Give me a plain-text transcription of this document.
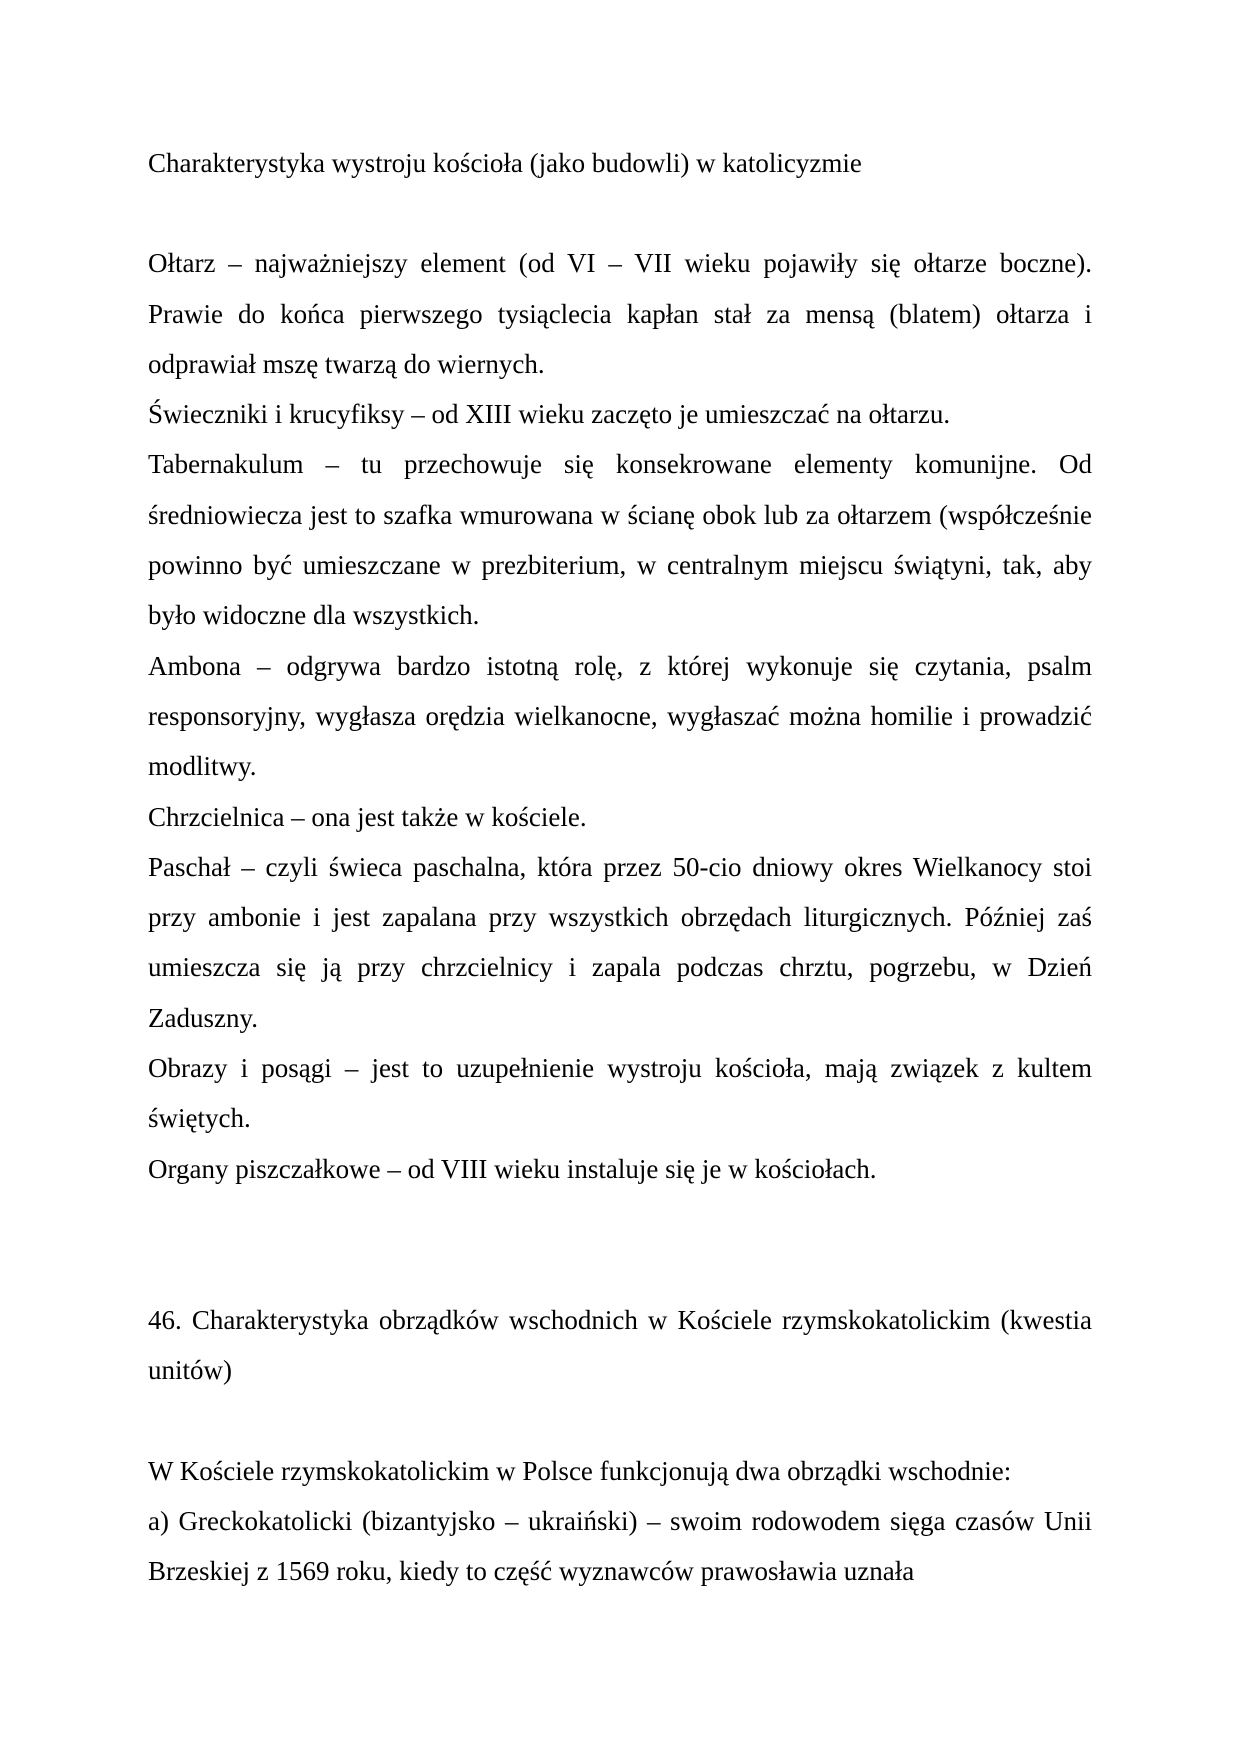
Charakterystyka wystroju kościoła (jako budowli) w katolicyzmie

Ołtarz – najważniejszy element (od VI – VII wieku pojawiły się ołtarze boczne). Prawie do końca pierwszego tysiąclecia kapłan stał za mensą (blatem) ołtarza i odprawiał mszę twarzą do wiernych.

Świeczniki i krucyfiksy – od XIII wieku zaczęto je umieszczać na ołtarzu.

Tabernakulum – tu przechowuje się konsekrowane elementy komunijne. Od średniowiecza jest to szafka wmurowana w ścianę obok lub za ołtarzem (współcześnie powinno być umieszczane w prezbiterium, w centralnym miejscu świątyni, tak, aby było widoczne dla wszystkich.

Ambona – odgrywa bardzo istotną rolę, z której wykonuje się czytania, psalm responsoryjny, wygłasza orędzia wielkanocne, wygłaszać można homilie i prowadzić modlitwy.

Chrzcielnica – ona jest także w kościele.

Paschał – czyli świeca paschalna, która przez 50-cio dniowy okres Wielkanocy stoi przy ambonie i jest zapalana przy wszystkich obrzędach liturgicznych. Później zaś umieszcza się ją przy chrzcielnicy i zapala podczas chrztu, pogrzebu, w Dzień Zaduszny.

Obrazy i posągi – jest to uzupełnienie wystroju kościoła, mają związek z kultem świętych.

Organy piszczałkowe – od VIII wieku instaluje się je w kościołach.

46. Charakterystyka obrządków wschodnich w Kościele rzymskokatolickim (kwestia unitów)

W Kościele rzymskokatolickim w Polsce funkcjonują dwa obrządki wschodnie:

a) Greckokatolicki (bizantyjsko – ukraiński) – swoim rodowodem sięga czasów Unii Brzeskiej z 1569 roku, kiedy to część wyznawców prawosławia uznała
